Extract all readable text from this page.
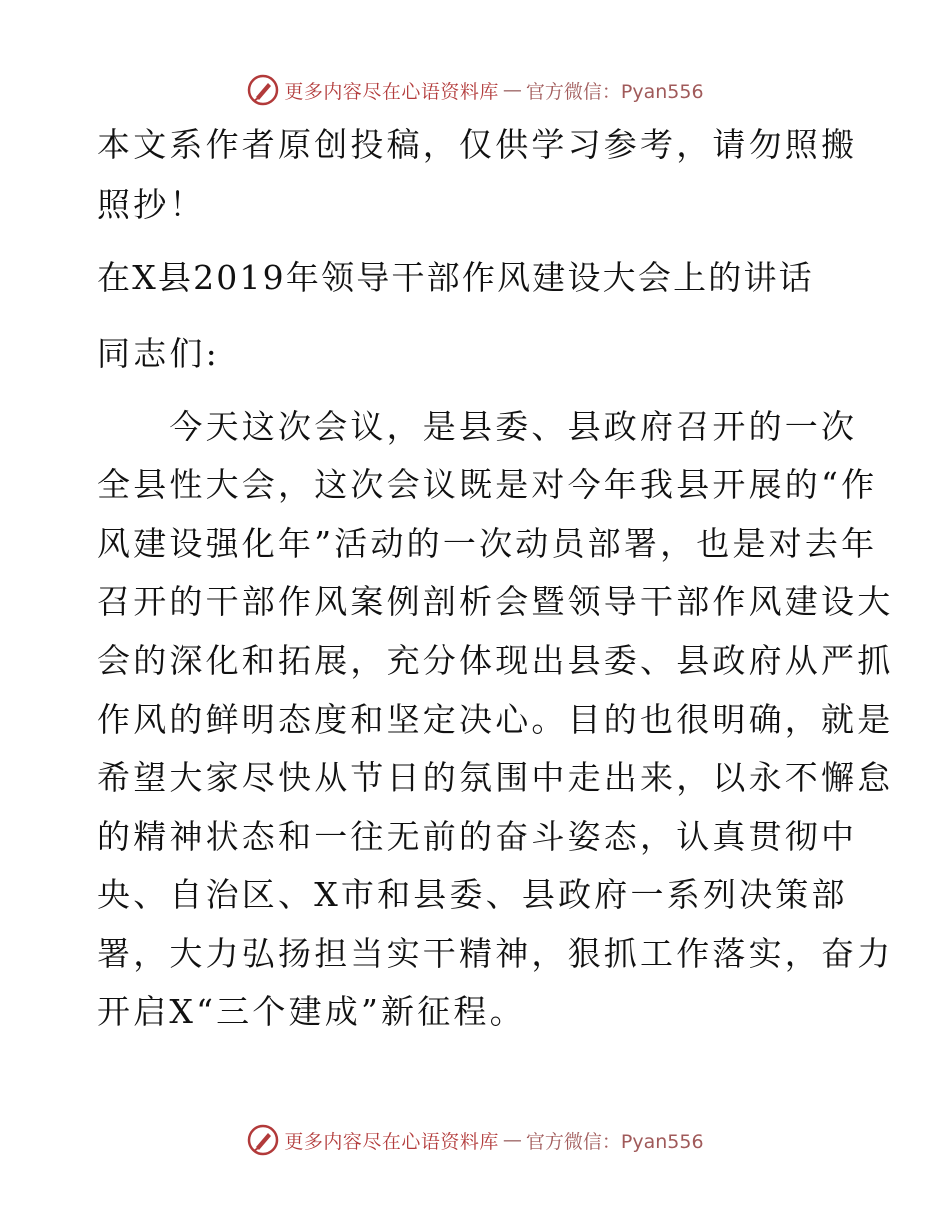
更多内容尽在心语资料库 — 官方微信：Pyan556
本文系作者原创投稿，仅供学习参考，请勿照搬
照抄！
在X县2019年领导干部作风建设大会上的讲话
同志们:
　　今天这次会议，是县委、县政府召开的一次
全县性大会，这次会议既是对今年我县开展的“作
风建设强化年”活动的一次动员部署，也是对去年
召开的干部作风案例剖析会暨领导干部作风建设大
会的深化和拓展，充分体现出县委、县政府从严抓
作风的鲜明态度和坚定决心。目的也很明确，就是
希望大家尽快从节日的氛围中走出来，以永不懈怠
的精神状态和一往无前的奋斗姿态，认真贯彻中
央、自治区、X市和县委、县政府一系列决策部
署，大力弘扬担当实干精神，狠抓工作落实，奋力
开启X“三个建成”新征程。
更多内容尽在心语资料库 — 官方微信：Pyan556
